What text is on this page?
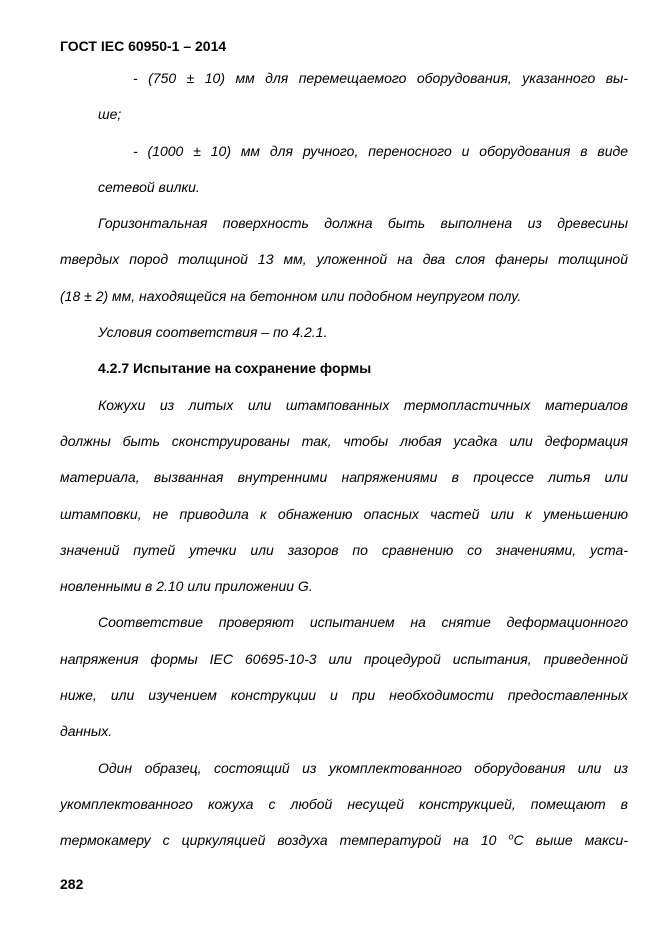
ГОСТ IEC 60950-1 – 2014
- (750 ± 10) мм для перемещаемого оборудования, указанного вы-
ше;
- (1000 ± 10) мм для ручного, переносного и оборудования в виде
сетевой вилки.
Горизонтальная поверхность должна быть выполнена из древесины
твердых пород толщиной 13 мм, уложенной на два слоя фанеры толщиной
(18 ± 2) мм, находящейся на бетонном или подобном неупругом полу.
Условия соответствия – по 4.2.1.
4.2.7 Испытание на сохранение формы
Кожухи из литых или штампованных термопластичных материалов
должны быть сконструированы так, чтобы любая усадка или деформация
материала, вызванная внутренними напряжениями в процессе литья или
штамповки, не приводила к обнажению опасных частей или к уменьшению
значений путей утечки или зазоров по сравнению со значениями, уста-
новленными в 2.10 или приложении G.
Соответствие проверяют испытанием на снятие деформационного
напряжения формы IEC 60695-10-3 или процедурой испытания, приведенной
ниже, или изучением конструкции и при необходимости предоставленных
данных.
Один образец, состоящий из укомплектованного оборудования или из
укомплектованного кожуха с любой несущей конструкцией, помещают в
термокамеру с циркуляцией воздуха температурой на 10 $^o$C выше макси-
282
